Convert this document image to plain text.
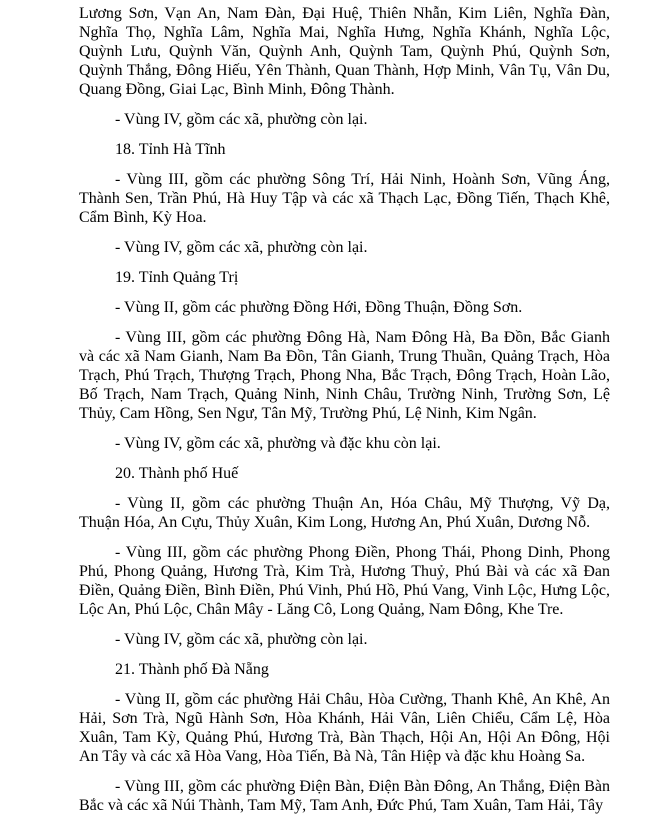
Lương Sơn, Vạn An, Nam Đàn, Đại Huệ, Thiên Nhẫn, Kim Liên, Nghĩa Đàn, Nghĩa Thọ, Nghĩa Lâm, Nghĩa Mai, Nghĩa Hưng, Nghĩa Khánh, Nghĩa Lộc, Quỳnh Lưu, Quỳnh Văn, Quỳnh Anh, Quỳnh Tam, Quỳnh Phú, Quỳnh Sơn, Quỳnh Thắng, Đông Hiếu, Yên Thành, Quan Thành, Hợp Minh, Vân Tụ, Vân Du, Quang Đồng, Giai Lạc, Bình Minh, Đông Thành.

- Vùng IV, gồm các xã, phường còn lại.

18. Tỉnh Hà Tĩnh

- Vùng III, gồm các phường Sông Trí, Hải Ninh, Hoành Sơn, Vũng Áng, Thành Sen, Trần Phú, Hà Huy Tập và các xã Thạch Lạc, Đồng Tiến, Thạch Khê, Cẩm Bình, Kỳ Hoa.

- Vùng IV, gồm các xã, phường còn lại.

19. Tỉnh Quảng Trị

- Vùng II, gồm các phường Đồng Hới, Đồng Thuận, Đồng Sơn.

- Vùng III, gồm các phường Đông Hà, Nam Đông Hà, Ba Đồn, Bắc Gianh và các xã Nam Gianh, Nam Ba Đồn, Tân Gianh, Trung Thuần, Quảng Trạch, Hòa Trạch, Phú Trạch, Thượng Trạch, Phong Nha, Bắc Trạch, Đông Trạch, Hoàn Lão, Bố Trạch, Nam Trạch, Quảng Ninh, Ninh Châu, Trường Ninh, Trường Sơn, Lệ Thủy, Cam Hồng, Sen Ngư, Tân Mỹ, Trường Phú, Lệ Ninh, Kim Ngân.

- Vùng IV, gồm các xã, phường và đặc khu còn lại.

20. Thành phố Huế

- Vùng II, gồm các phường Thuận An, Hóa Châu, Mỹ Thượng, Vỹ Dạ, Thuận Hóa, An Cựu, Thủy Xuân, Kim Long, Hương An, Phú Xuân, Dương Nỗ.

- Vùng III, gồm các phường Phong Điền, Phong Thái, Phong Dinh, Phong Phú, Phong Quảng, Hương Trà, Kim Trà, Hương Thuỷ, Phú Bài và các xã Đan Điền, Quảng Điền, Bình Điền, Phú Vinh, Phú Hồ, Phú Vang, Vinh Lộc, Hưng Lộc, Lộc An, Phú Lộc, Chân Mây - Lăng Cô, Long Quảng, Nam Đông, Khe Tre.

- Vùng IV, gồm các xã, phường còn lại.

21. Thành phố Đà Nẵng

- Vùng II, gồm các phường Hải Châu, Hòa Cường, Thanh Khê, An Khê, An Hải, Sơn Trà, Ngũ Hành Sơn, Hòa Khánh, Hải Vân, Liên Chiểu, Cẩm Lệ, Hòa Xuân, Tam Kỳ, Quảng Phú, Hương Trà, Bàn Thạch, Hội An, Hội An Đông, Hội An Tây và các xã Hòa Vang, Hòa Tiến, Bà Nà, Tân Hiệp và đặc khu Hoàng Sa.

- Vùng III, gồm các phường Điện Bàn, Điện Bàn Đông, An Thắng, Điện Bàn Bắc và các xã Núi Thành, Tam Mỹ, Tam Anh, Đức Phú, Tam Xuân, Tam Hải, Tây
